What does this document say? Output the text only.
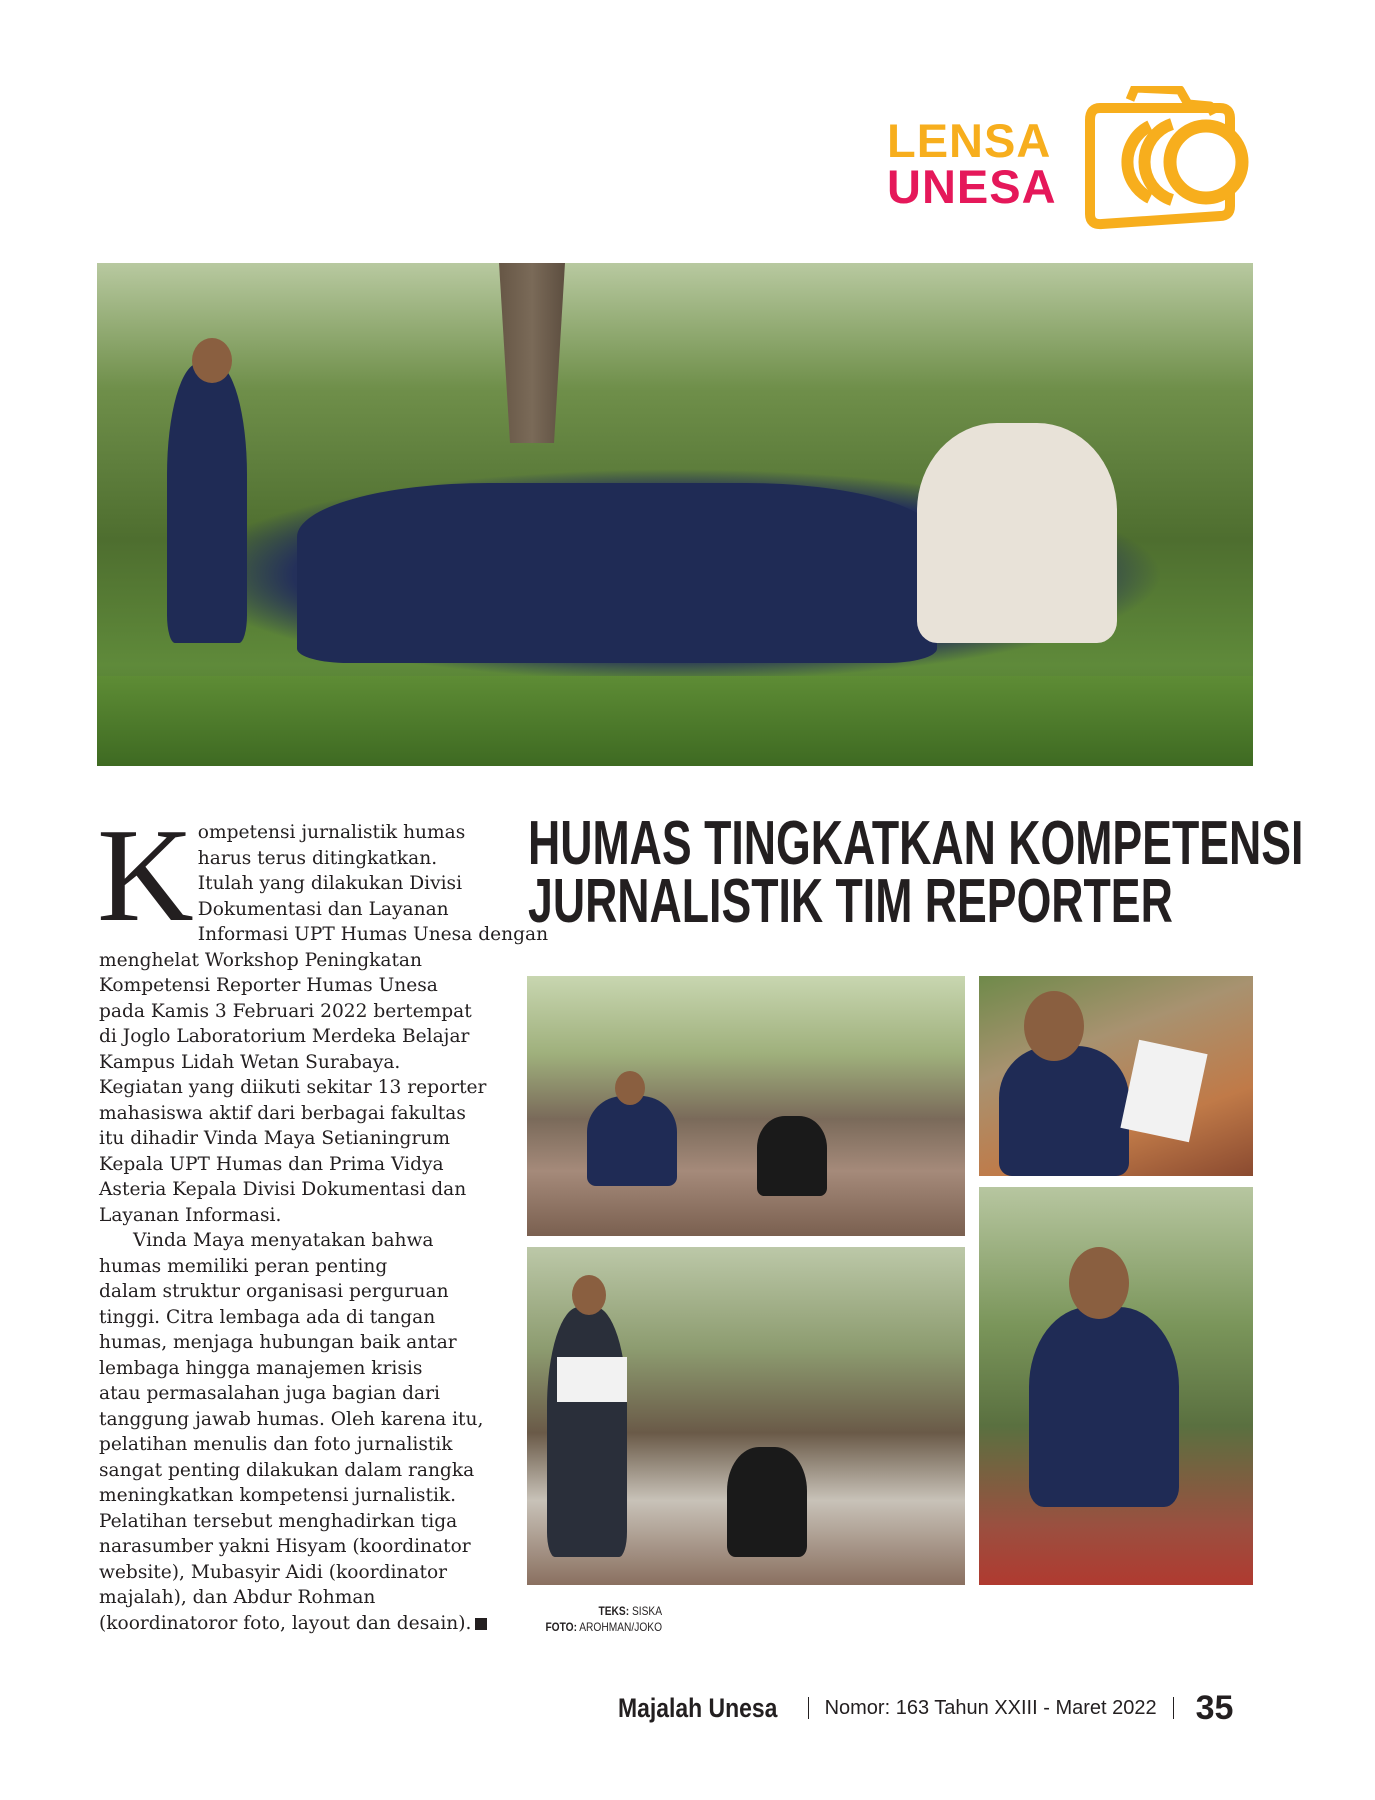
LENSA
UNESA
K ompetensi jurnalistik humas
harus terus ditingkatkan.
Itulah yang dilakukan Divisi
Dokumentasi dan Layanan
Informasi UPT Humas Unesa dengan
menghelat Workshop Peningkatan
Kompetensi Reporter Humas Unesa
pada Kamis 3 Februari 2022 bertempat
di Joglo Laboratorium Merdeka Belajar
Kampus Lidah Wetan Surabaya.
Kegiatan yang diikuti sekitar 13 reporter
mahasiswa aktif dari berbagai fakultas
itu dihadir Vinda Maya Setianingrum
Kepala UPT Humas dan Prima Vidya
Asteria Kepala Divisi Dokumentasi dan
Layanan Informasi.
Vinda Maya menyatakan bahwa
humas memiliki peran penting
dalam struktur organisasi perguruan
tinggi. Citra lembaga ada di tangan
humas, menjaga hubungan baik antar
lembaga hingga manajemen krisis
atau permasalahan juga bagian dari
tanggung jawab humas. Oleh karena itu,
pelatihan menulis dan foto jurnalistik
sangat penting dilakukan dalam rangka
meningkatkan kompetensi jurnalistik.
Pelatihan tersebut menghadirkan tiga
narasumber yakni Hisyam (koordinator
website), Mubasyir Aidi (koordinator
majalah), dan Abdur Rohman
(koordinatoror foto, layout dan desain).
HUMAS TINGKATKAN KOMPETENSI
JURNALISTIK TIM REPORTER
TEKS: SISKA
FOTO: AROHMAN/JOKO
Majalah Unesa Nomor: 163 Tahun XXIII - Maret 2022 35
